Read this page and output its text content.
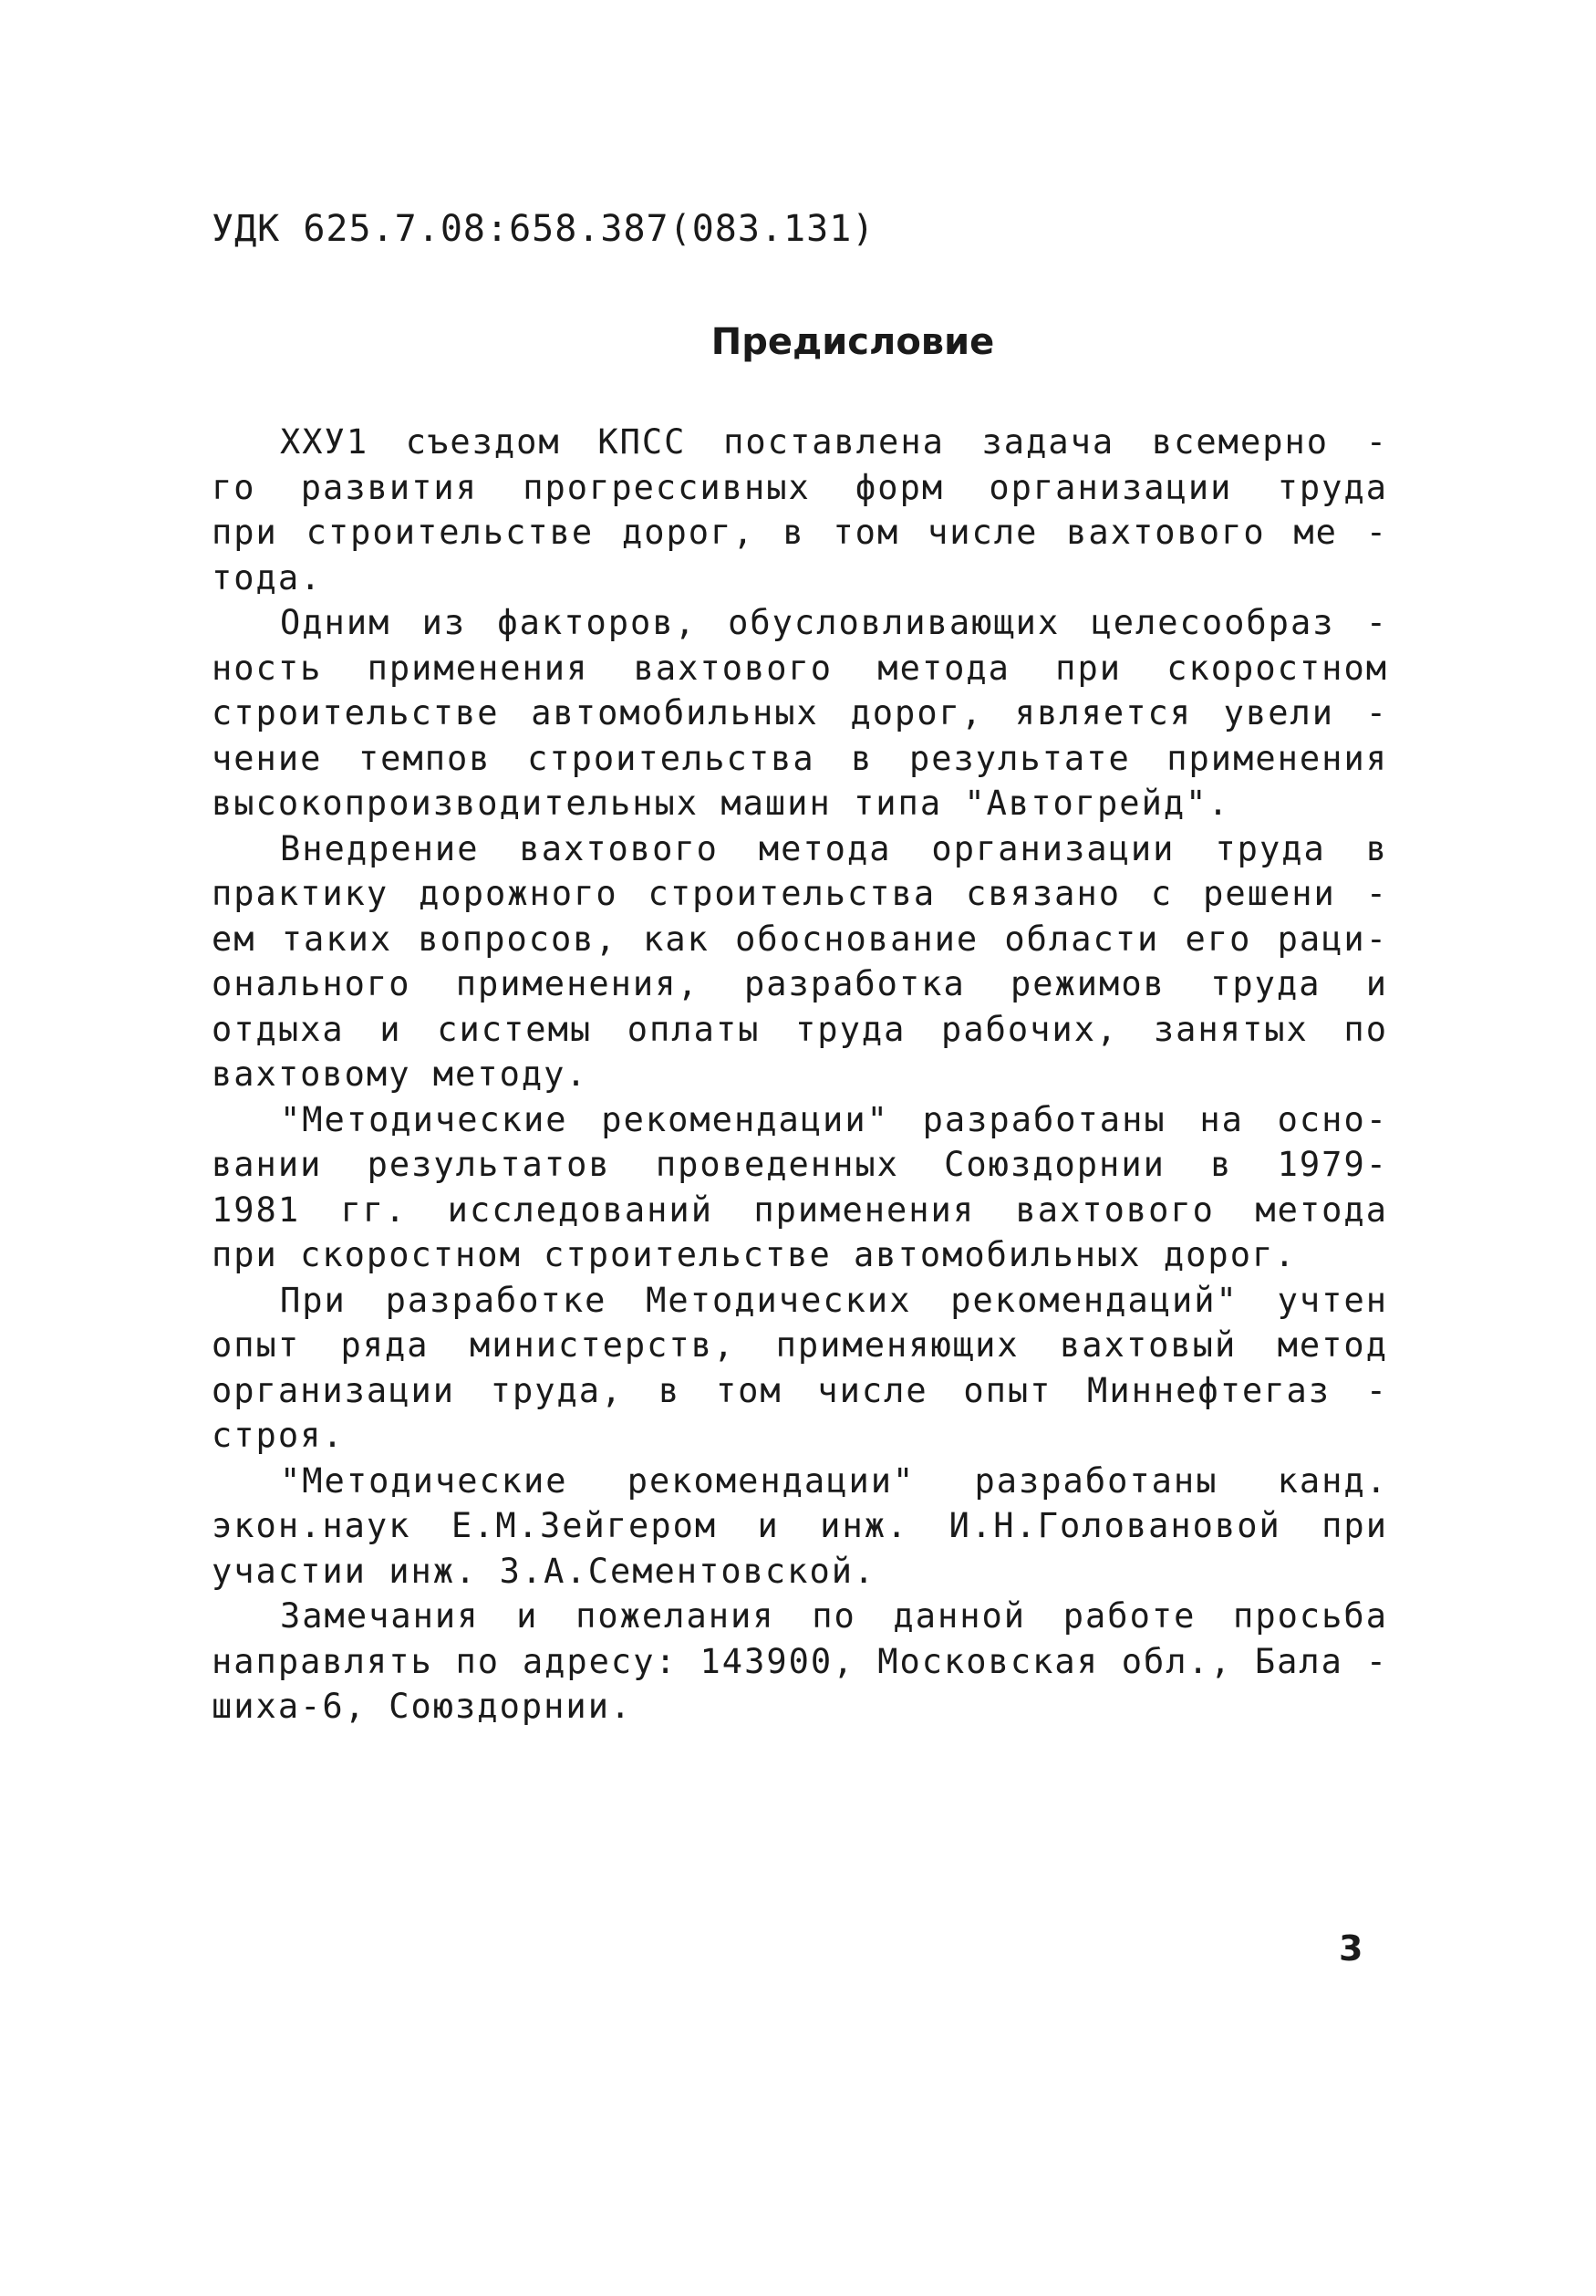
УДК 625.7.08:658.387(083.131)
Предисловие
ХХУ1 съездом КПСС поставлена задача всемерно -
го развития прогрессивных форм организации труда
при строительстве дорог, в том числе вахтового ме -
тода.
Одним из факторов, обусловливающих целесообраз -
ность применения вахтового метода при скоростном
строительстве автомобильных дорог, является увели -
чение темпов строительства в результате применения
высокопроизводительных машин типа "Автогрейд".
Внедрение вахтового метода организации труда в
практику дорожного строительства связано с решени -
ем таких вопросов, как обоснование области его раци-
онального применения, разработка режимов труда и
отдыха и системы оплаты труда рабочих, занятых по
вахтовому методу.
"Методические рекомендации" разработаны на осно-
вании результатов проведенных Союздорнии в 1979-
1981 гг. исследований применения вахтового метода
при скоростном строительстве автомобильных дорог.
При разработке Методических рекомендаций" учтен
опыт ряда министерств, применяющих вахтовый метод
организации труда, в том числе опыт Миннефтегаз -
строя.
"Методические рекомендации" разработаны канд.
экон.наук Е.М.Зейгером и инж. И.Н.Головановой при
участии инж. З.А.Сементовской.
Замечания и пожелания по данной работе просьба
направлять по адресу: 143900, Московская обл., Бала -
шиха-6, Союздорнии.
3
